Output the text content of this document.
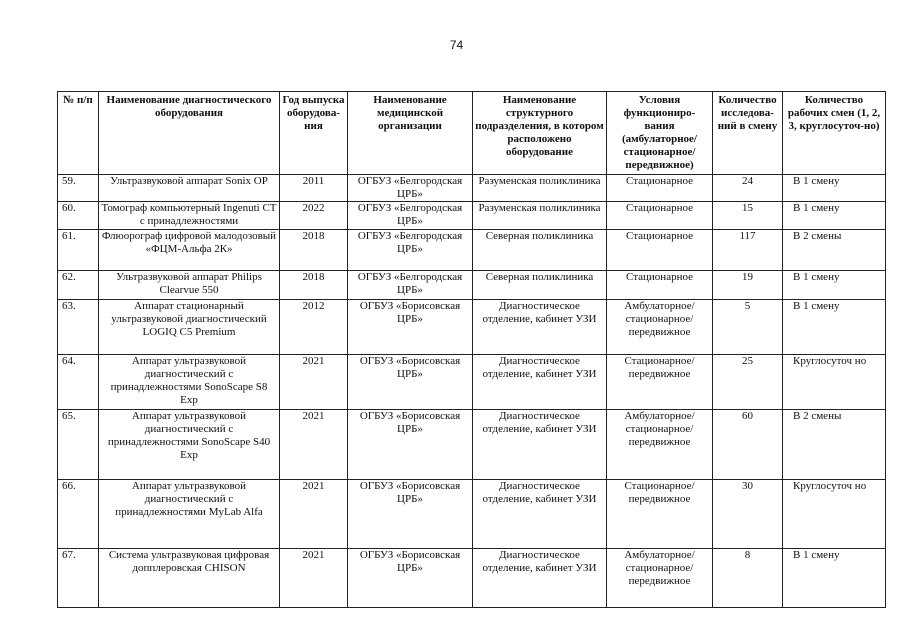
74
№ п/п	Наименование диагностического оборудования	Год выпуска оборудова-ния	Наименование медицинской организации	Наименование структурного подразделения, в котором расположено оборудование	Условия функциониро-вания (амбулаторное/ стационарное/ передвижное)	Количество исследова-ний в смену	Количество рабочих смен (1, 2, 3, круглосуточ-но)
59.	Ультразвуковой аппарат Sonix OP	2011	ОГБУЗ «Белгородская ЦРБ»	Разуменская поликлиника	Стационарное	24	В 1 смену
60.	Томограф компьютерный Ingenuti CT с принадлежностями	2022	ОГБУЗ «Белгородская ЦРБ»	Разуменская поликлиника	Стационарное	15	В 1 смену
61.	Флюорограф цифровой малодозовый «ФЦМ-Альфа 2К»	2018	ОГБУЗ «Белгородская ЦРБ»	Северная поликлиника	Стационарное	117	В 2 смены
62.	Ультразвуковой аппарат Philips Clearvue 550	2018	ОГБУЗ «Белгородская ЦРБ»	Северная поликлиника	Стационарное	19	В 1 смену
63.	Аппарат стационарный ультразвуковой диагностический LOGIQ C5 Premium	2012	ОГБУЗ «Борисовская ЦРБ»	Диагностическое отделение, кабинет УЗИ	Амбулаторное/ стационарное/ передвижное	5	В 1 смену
64.	Аппарат ультразвуковой диагностический с принадлежностями SonoScape S8 Exp	2021	ОГБУЗ «Борисовская ЦРБ»	Диагностическое отделение, кабинет УЗИ	Стационарное/ передвижное	25	Круглосуточ но
65.	Аппарат ультразвуковой диагностический с принадлежностями SonoScape S40 Exp	2021	ОГБУЗ «Борисовская ЦРБ»	Диагностическое отделение, кабинет УЗИ	Амбулаторное/ стационарное/ передвижное	60	В 2 смены
66.	Аппарат ультразвуковой диагностический с принадлежностями MyLab Alfa	2021	ОГБУЗ «Борисовская ЦРБ»	Диагностическое отделение, кабинет УЗИ	Стационарное/ передвижное	30	Круглосуточ но
67.	Система ультразвуковая цифровая допплеровская CHISON	2021	ОГБУЗ «Борисовская ЦРБ»	Диагностическое отделение, кабинет УЗИ	Амбулаторное/ стационарное/ передвижное	8	В 1 смену
